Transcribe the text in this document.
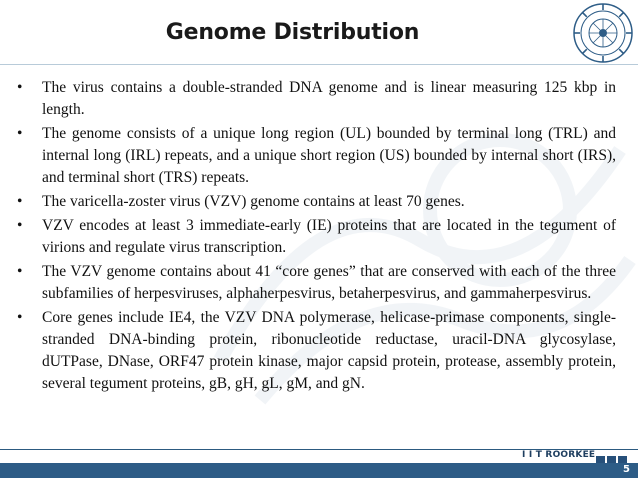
Genome Distribution
• The virus contains a double-stranded DNA genome and is linear measuring 125 kbp in length.
• The genome consists of a unique long region (UL) bounded by terminal long (TRL) and internal long (IRL) repeats, and a unique short region (US) bounded by internal short (IRS), and terminal short (TRS) repeats.
• The varicella-zoster virus (VZV) genome contains at least 70 genes.
• VZV encodes at least 3 immediate-early (IE) proteins that are located in the tegument of virions and regulate virus transcription.
• The VZV genome contains about 41 “core genes” that are conserved with each of the three subfamilies of herpesviruses, alphaherpesvirus, betaherpesvirus, and gammaherpesvirus.
• Core genes include IE4, the VZV DNA polymerase, helicase-primase components, single-stranded DNA-binding protein, ribonucleotide reductase, uracil-DNA glycosylase, dUTPase, DNase, ORF47 protein kinase, major capsid protein, protease, assembly protein, several tegument proteins, gB, gH, gL, gM, and gN.
I I T ROORKEE
5
